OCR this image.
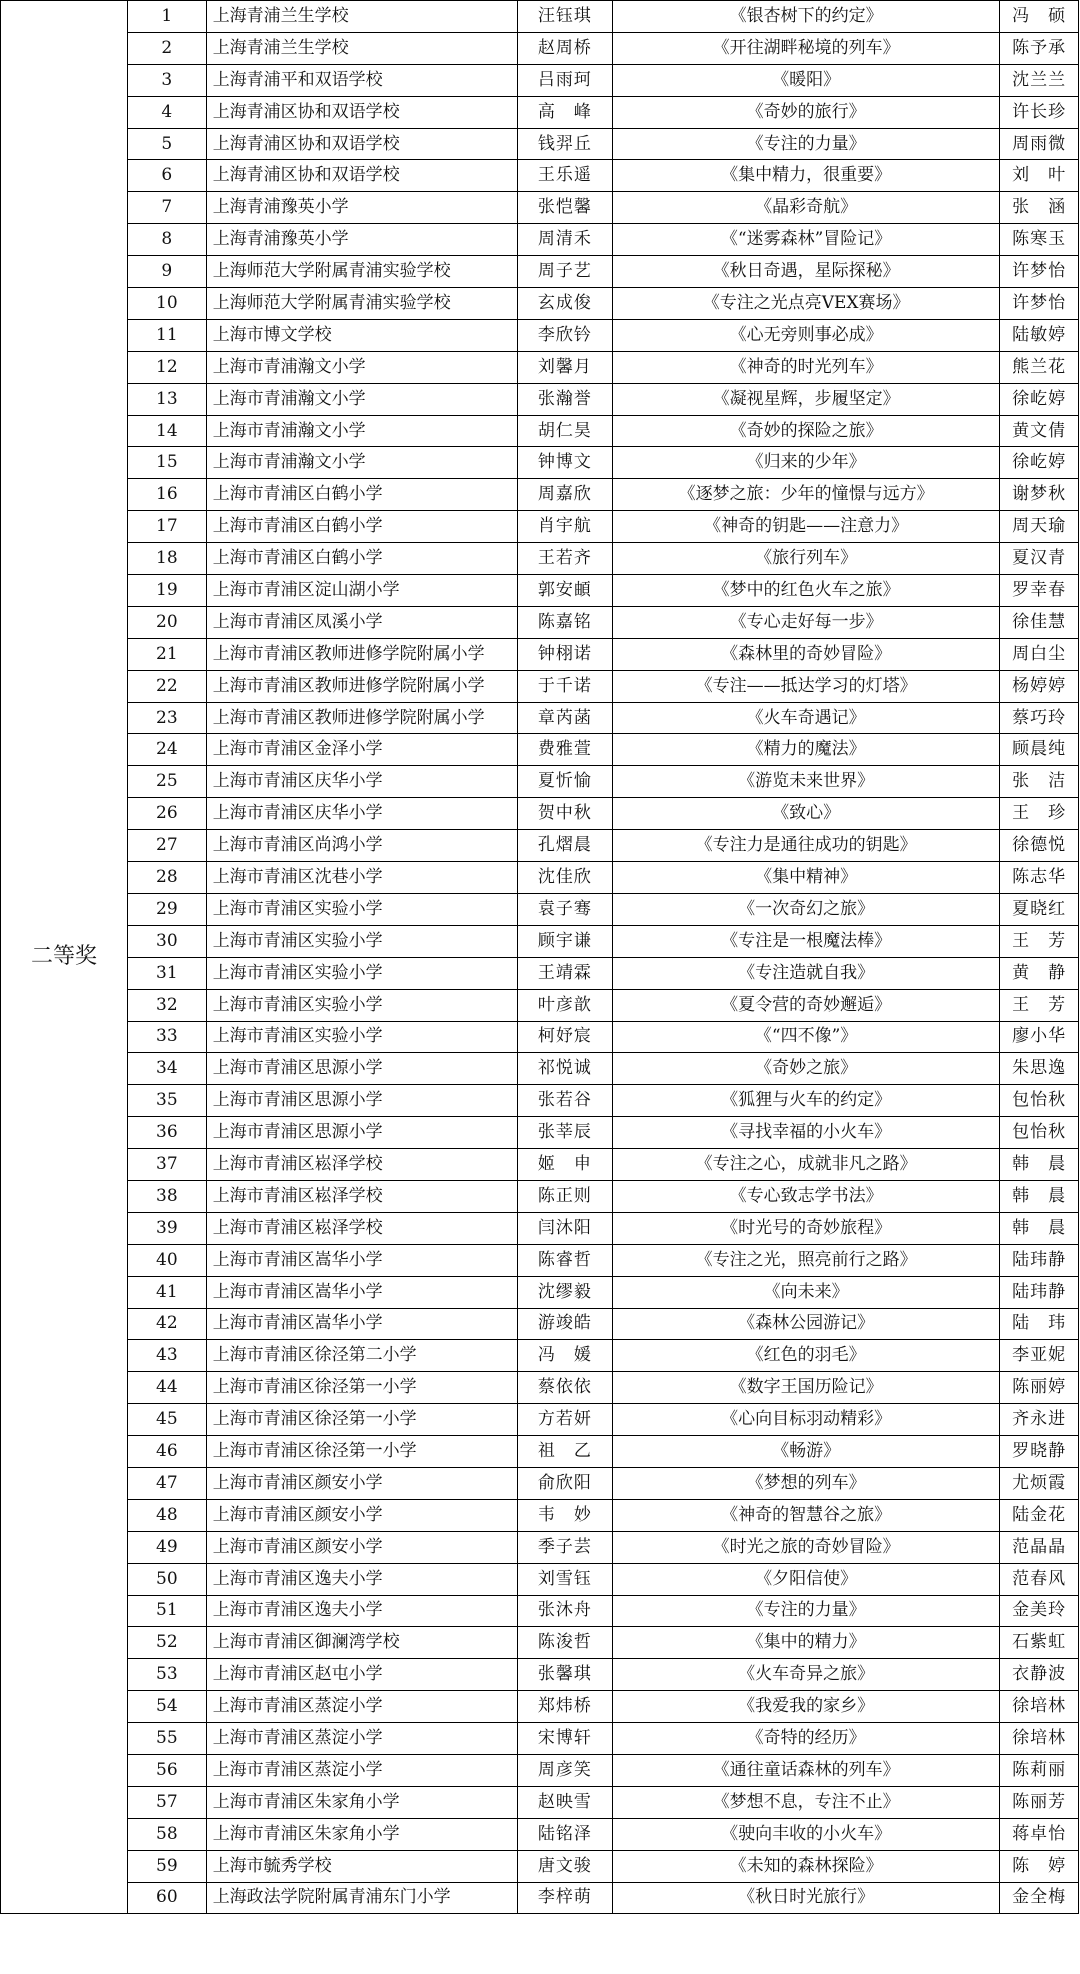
二等奖	1	上海青浦兰生学校	汪钰琪	《银杏树下的约定》	冯　硕
	2	上海青浦兰生学校	赵周桥	《开往湖畔秘境的列车》	陈予承
	3	上海青浦平和双语学校	吕雨珂	《暖阳》	沈兰兰
	4	上海青浦区协和双语学校	高　峰	《奇妙的旅行》	许长珍
	5	上海青浦区协和双语学校	钱羿丘	《专注的力量》	周雨微
	6	上海青浦区协和双语学校	王乐遥	《集中精力，很重要》	刘　叶
	7	上海青浦豫英小学	张恺馨	《晶彩奇航》	张　涵
	8	上海青浦豫英小学	周清禾	《“迷雾森林”冒险记》	陈寒玉
	9	上海师范大学附属青浦实验学校	周子艺	《秋日奇遇，星际探秘》	许梦怡
	10	上海师范大学附属青浦实验学校	玄成俊	《专注之光点亮VEX赛场》	许梦怡
	11	上海市博文学校	李欣钤	《心无旁则事必成》	陆敏婷
	12	上海市青浦瀚文小学	刘馨月	《神奇的时光列车》	熊兰花
	13	上海市青浦瀚文小学	张瀚誉	《凝视星辉，步履坚定》	徐屹婷
	14	上海市青浦瀚文小学	胡仁昊	《奇妙的探险之旅》	黄文倩
	15	上海市青浦瀚文小学	钟博文	《归来的少年》	徐屹婷
	16	上海市青浦区白鹤小学	周嘉欣	《逐梦之旅：少年的憧憬与远方》	谢梦秋
	17	上海市青浦区白鹤小学	肖宇航	《神奇的钥匙——注意力》	周天瑜
	18	上海市青浦区白鹤小学	王若齐	《旅行列车》	夏汉青
	19	上海市青浦区淀山湖小学	郭安頔	《梦中的红色火车之旅》	罗幸春
	20	上海市青浦区凤溪小学	陈嘉铭	《专心走好每一步》	徐佳慧
	21	上海市青浦区教师进修学院附属小学	钟栩诺	《森林里的奇妙冒险》	周白尘
	22	上海市青浦区教师进修学院附属小学	于千诺	《专注——抵达学习的灯塔》	杨婷婷
	23	上海市青浦区教师进修学院附属小学	章芮菡	《火车奇遇记》	蔡巧玲
	24	上海市青浦区金泽小学	费雅萱	《精力的魔法》	顾晨纯
	25	上海市青浦区庆华小学	夏忻愉	《游览未来世界》	张　洁
	26	上海市青浦区庆华小学	贺中秋	《致心》	王　珍
	27	上海市青浦区尚鸿小学	孔熠晨	《专注力是通往成功的钥匙》	徐德悦
	28	上海市青浦区沈巷小学	沈佳欣	《集中精神》	陈志华
	29	上海市青浦区实验小学	袁子骞	《一次奇幻之旅》	夏晓红
	30	上海市青浦区实验小学	顾宇谦	《专注是一根魔法棒》	王　芳
	31	上海市青浦区实验小学	王靖霖	《专注造就自我》	黄　静
	32	上海市青浦区实验小学	叶彦歆	《夏令营的奇妙邂逅》	王　芳
	33	上海市青浦区实验小学	柯妤宸	《“四不像”》	廖小华
	34	上海市青浦区思源小学	祁悦诚	《奇妙之旅》	朱思逸
	35	上海市青浦区思源小学	张若谷	《狐狸与火车的约定》	包怡秋
	36	上海市青浦区思源小学	张莘辰	《寻找幸福的小火车》	包怡秋
	37	上海市青浦区崧泽学校	姬　申	《专注之心，成就非凡之路》	韩　晨
	38	上海市青浦区崧泽学校	陈正则	《专心致志学书法》	韩　晨
	39	上海市青浦区崧泽学校	闫沐阳	《时光号的奇妙旅程》	韩　晨
	40	上海市青浦区嵩华小学	陈睿哲	《专注之光，照亮前行之路》	陆玮静
	41	上海市青浦区嵩华小学	沈缪毅	《向未来》	陆玮静
	42	上海市青浦区嵩华小学	游竣皓	《森林公园游记》	陆　玮
	43	上海市青浦区徐泾第二小学	冯　媛	《红色的羽毛》	李亚妮
	44	上海市青浦区徐泾第一小学	蔡依依	《数字王国历险记》	陈丽婷
	45	上海市青浦区徐泾第一小学	方若妍	《心向目标羽动精彩》	齐永进
	46	上海市青浦区徐泾第一小学	祖　乙	《畅游》	罗晓静
	47	上海市青浦区颜安小学	俞欣阳	《梦想的列车》	尤烦霞
	48	上海市青浦区颜安小学	韦　妙	《神奇的智慧谷之旅》	陆金花
	49	上海市青浦区颜安小学	季子芸	《时光之旅的奇妙冒险》	范晶晶
	50	上海市青浦区逸夫小学	刘雪钰	《夕阳信使》	范春风
	51	上海市青浦区逸夫小学	张沐舟	《专注的力量》	金美玲
	52	上海市青浦区御澜湾学校	陈浚哲	《集中的精力》	石紫虹
	53	上海市青浦区赵屯小学	张馨琪	《火车奇异之旅》	衣静波
	54	上海市青浦区蒸淀小学	郑炜桥	《我爱我的家乡》	徐培林
	55	上海市青浦区蒸淀小学	宋博轩	《奇特的经历》	徐培林
	56	上海市青浦区蒸淀小学	周彦笑	《通往童话森林的列车》	陈莉丽
	57	上海市青浦区朱家角小学	赵映雪	《梦想不息，专注不止》	陈丽芳
	58	上海市青浦区朱家角小学	陆铭泽	《驶向丰收的小火车》	蒋卓怡
	59	上海市毓秀学校	唐文骏	《未知的森林探险》	陈　婷
	60	上海政法学院附属青浦东门小学	李梓萌	《秋日时光旅行》	金全梅
